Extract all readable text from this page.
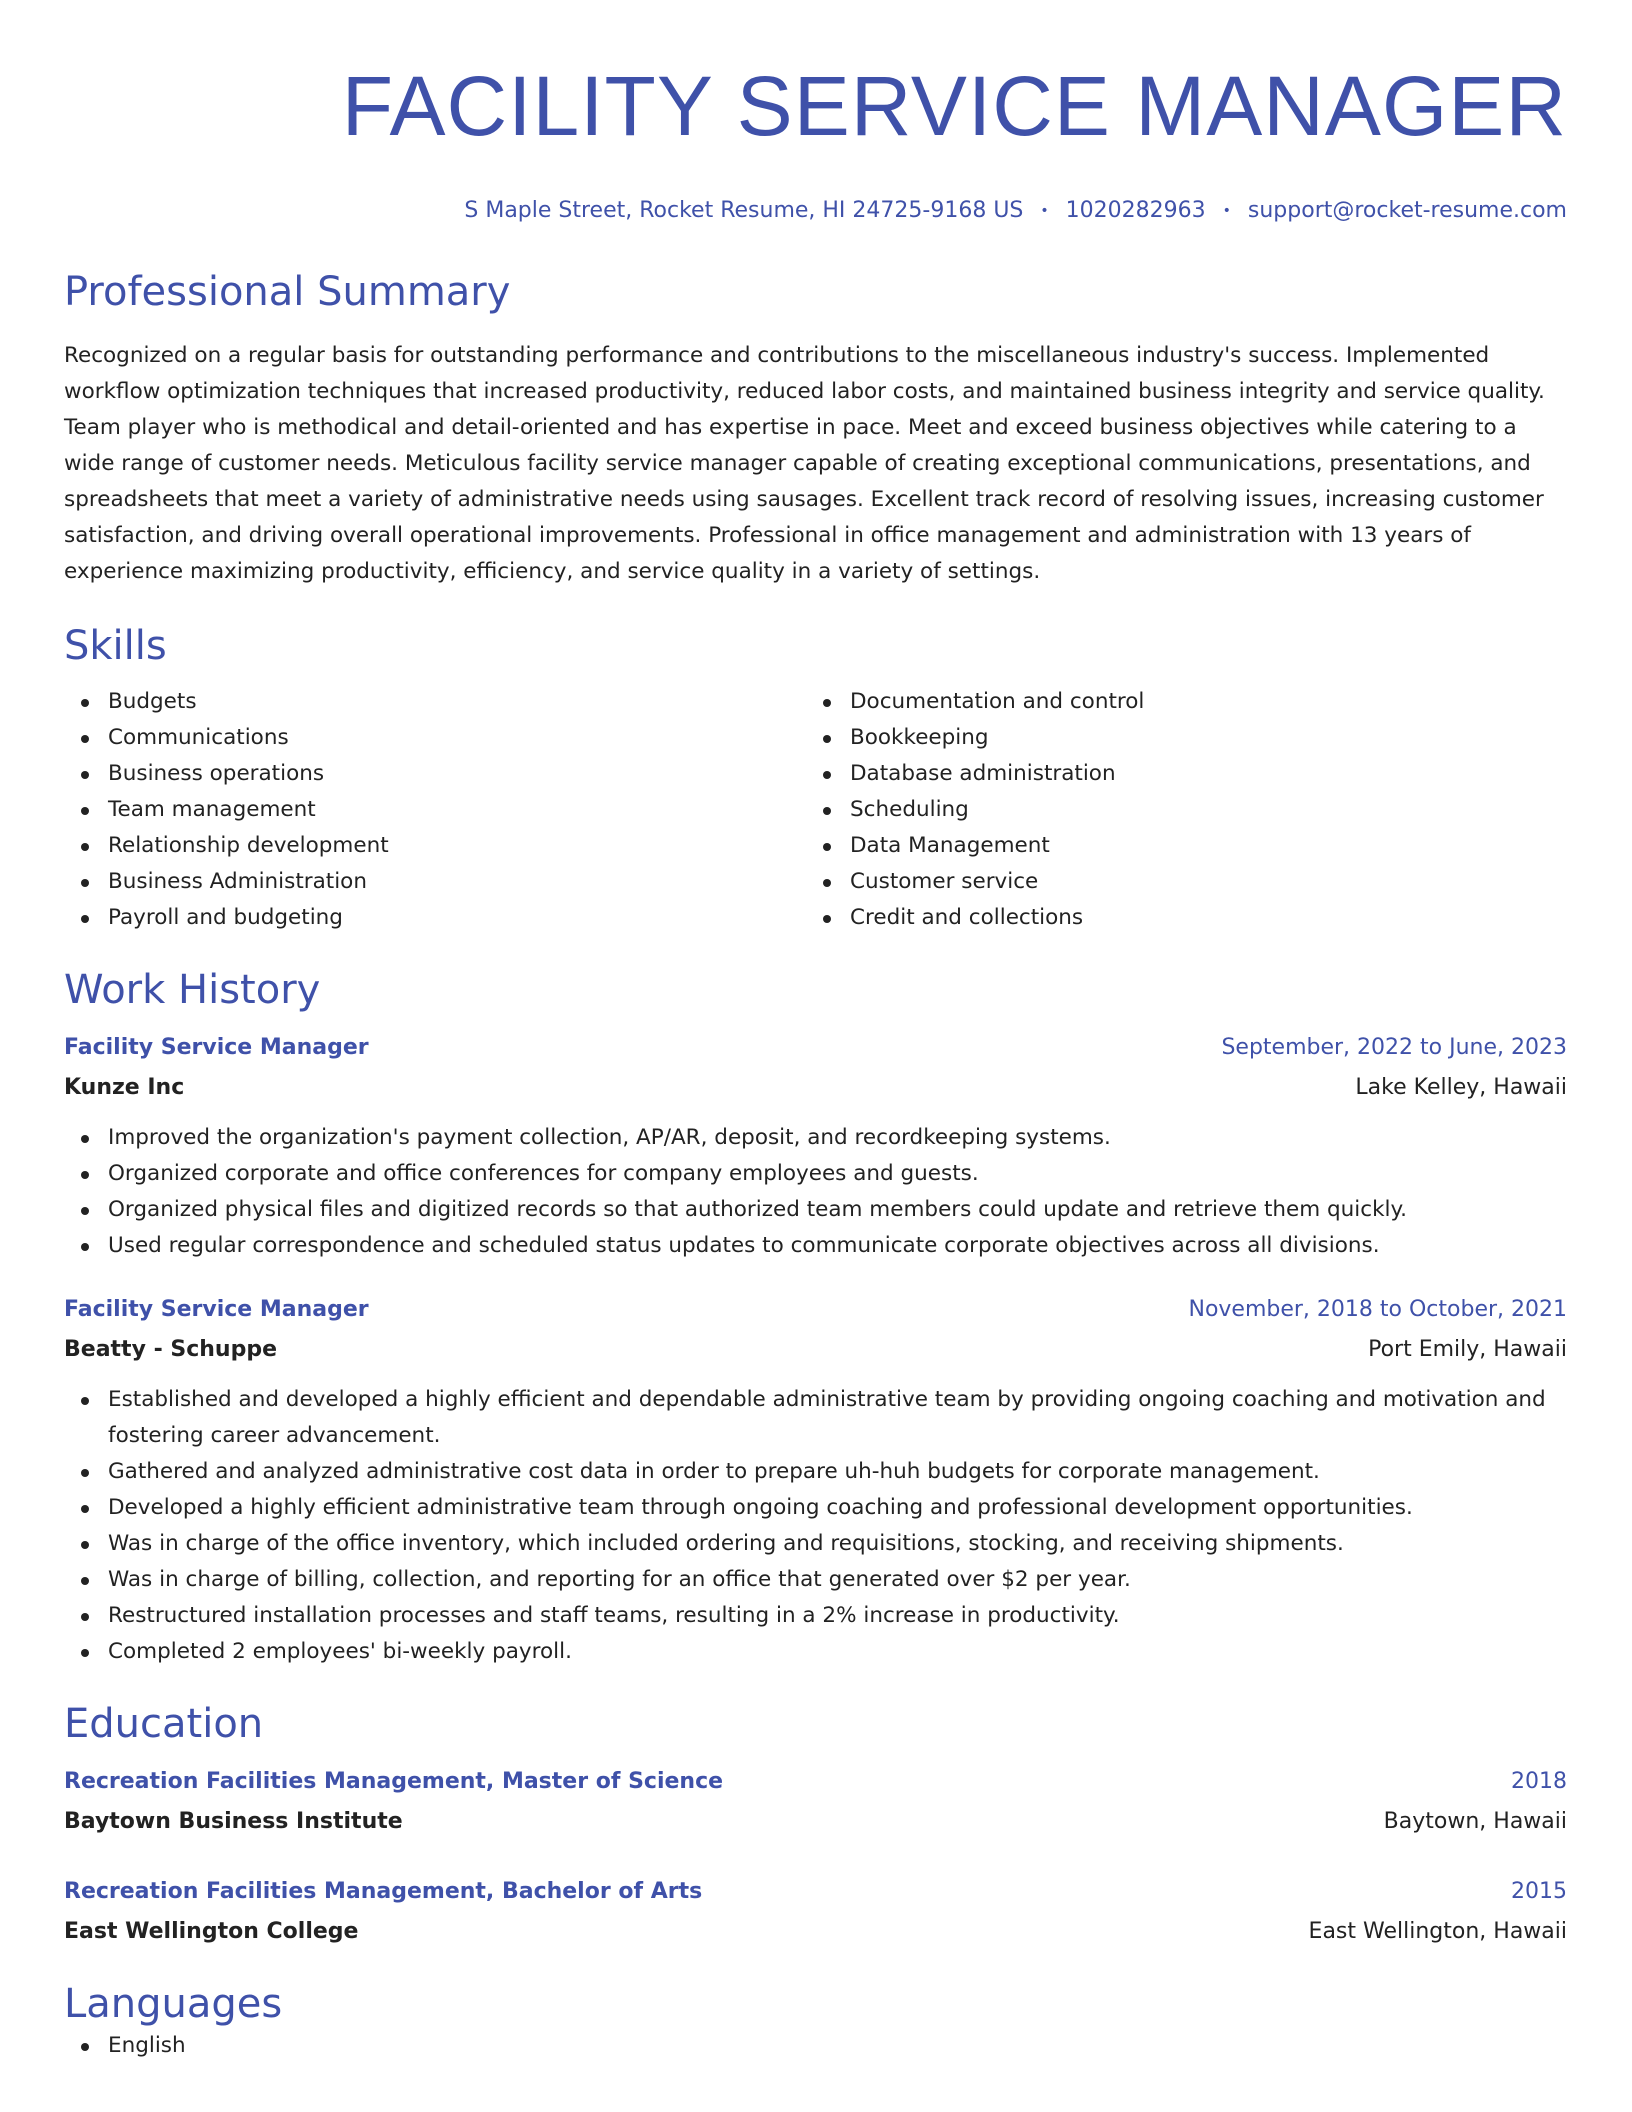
FACILITY SERVICE MANAGER
S Maple Street, Rocket Resume, HI 24725-9168 US • 1020282963 • support@rocket-resume.com
Professional Summary

Recognized on a regular basis for outstanding performance and contributions to the miscellaneous industry's success. Implemented workflow optimization techniques that increased productivity, reduced labor costs, and maintained business integrity and service quality. Team player who is methodical and detail-oriented and has expertise in pace. Meet and exceed business objectives while catering to a wide range of customer needs. Meticulous facility service manager capable of creating exceptional communications, presentations, and spreadsheets that meet a variety of administrative needs using sausages. Excellent track record of resolving issues, increasing customer satisfaction, and driving overall operational improvements. Professional in office management and administration with 13 years of experience maximizing productivity, efficiency, and service quality in a variety of settings.

Skills
Budgets
Communications
Business operations
Team management
Relationship development
Business Administration
Payroll and budgeting
Documentation and control
Bookkeeping
Database administration
Scheduling
Data Management
Customer service
Credit and collections
Work History
Facility Service Manager	September, 2022 to June, 2023
Kunze Inc	Lake Kelley, Hawaii
Improved the organization's payment collection, AP/AR, deposit, and recordkeeping systems.
Organized corporate and office conferences for company employees and guests.
Organized physical files and digitized records so that authorized team members could update and retrieve them quickly.
Used regular correspondence and scheduled status updates to communicate corporate objectives across all divisions.
Facility Service Manager	November, 2018 to October, 2021
Beatty - Schuppe	Port Emily, Hawaii
Established and developed a highly efficient and dependable administrative team by providing ongoing coaching and motivation and fostering career advancement.
Gathered and analyzed administrative cost data in order to prepare uh-huh budgets for corporate management.
Developed a highly efficient administrative team through ongoing coaching and professional development opportunities.
Was in charge of the office inventory, which included ordering and requisitions, stocking, and receiving shipments.
Was in charge of billing, collection, and reporting for an office that generated over $2 per year.
Restructured installation processes and staff teams, resulting in a 2% increase in productivity.
Completed 2 employees' bi-weekly payroll.
Education
Recreation Facilities Management, Master of Science	2018
Baytown Business Institute	Baytown, Hawaii
Recreation Facilities Management, Bachelor of Arts	2015
East Wellington College	East Wellington, Hawaii
Languages
English
